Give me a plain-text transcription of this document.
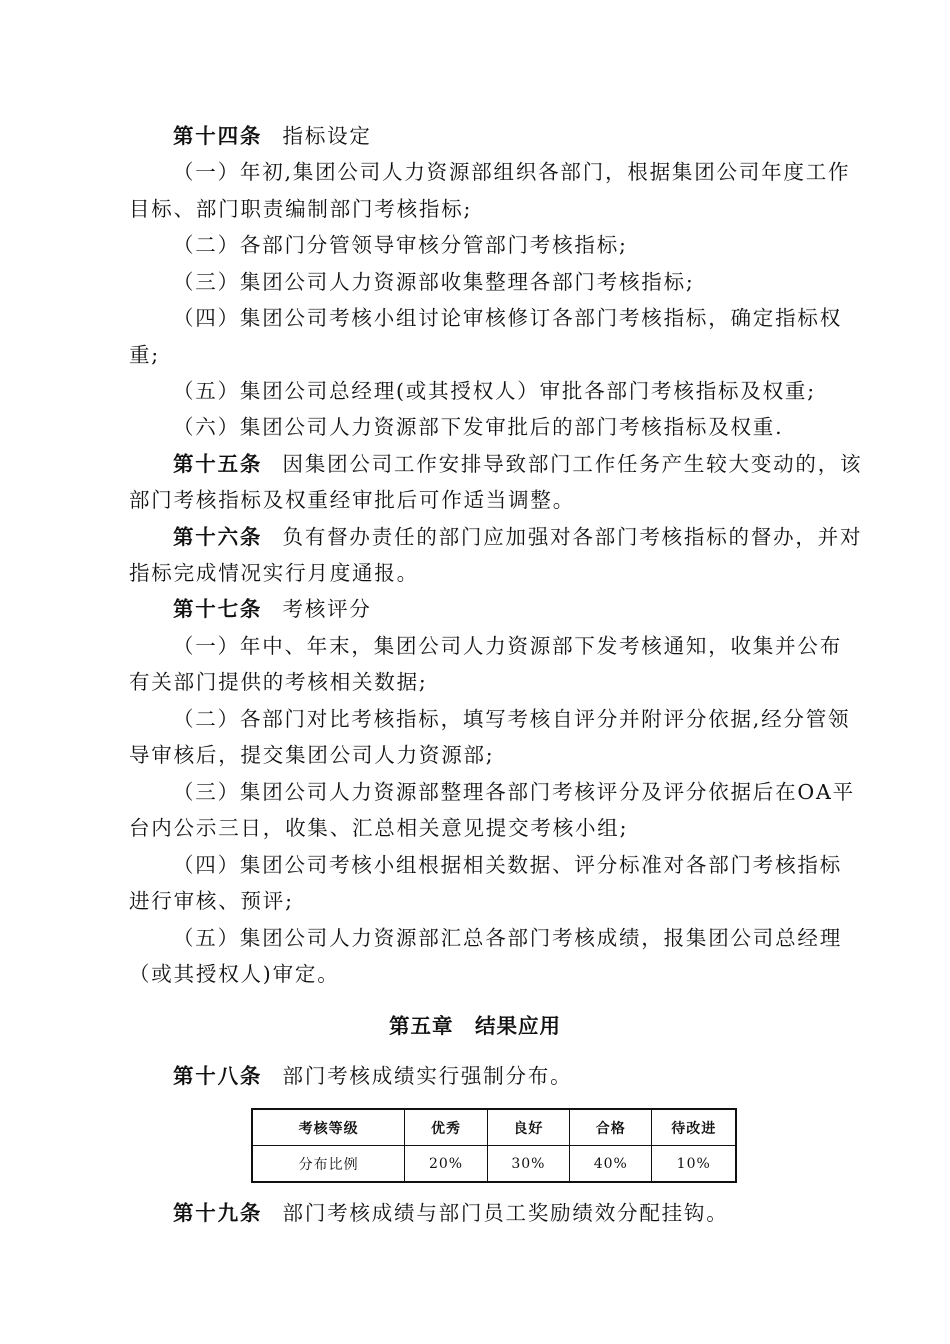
第十四条 指标设定
（一）年初,集团公司人力资源部组织各部门，根据集团公司年度工作
目标、部门职责编制部门考核指标;
（二）各部门分管领导审核分管部门考核指标;
（三）集团公司人力资源部收集整理各部门考核指标;
（四）集团公司考核小组讨论审核修订各部门考核指标，确定指标权
重;
（五）集团公司总经理(或其授权人）审批各部门考核指标及权重;
（六）集团公司人力资源部下发审批后的部门考核指标及权重.
第十五条 因集团公司工作安排导致部门工作任务产生较大变动的，该
部门考核指标及权重经审批后可作适当调整。
第十六条 负有督办责任的部门应加强对各部门考核指标的督办，并对
指标完成情况实行月度通报。
第十七条 考核评分
（一）年中、年末，集团公司人力资源部下发考核通知，收集并公布
有关部门提供的考核相关数据;
（二）各部门对比考核指标，填写考核自评分并附评分依据,经分管领
导审核后，提交集团公司人力资源部;
（三）集团公司人力资源部整理各部门考核评分及评分依据后在OA平
台内公示三日，收集、汇总相关意见提交考核小组;
（四）集团公司考核小组根据相关数据、评分标准对各部门考核指标
进行审核、预评;
（五）集团公司人力资源部汇总各部门考核成绩，报集团公司总经理
（或其授权人)审定。
第五章　结果应用
第十八条 部门考核成绩实行强制分布。
考核等级	优秀	良好	合格	待改进
分布比例	20%	30%	40%	10%
第十九条 部门考核成绩与部门员工奖励绩效分配挂钩。
